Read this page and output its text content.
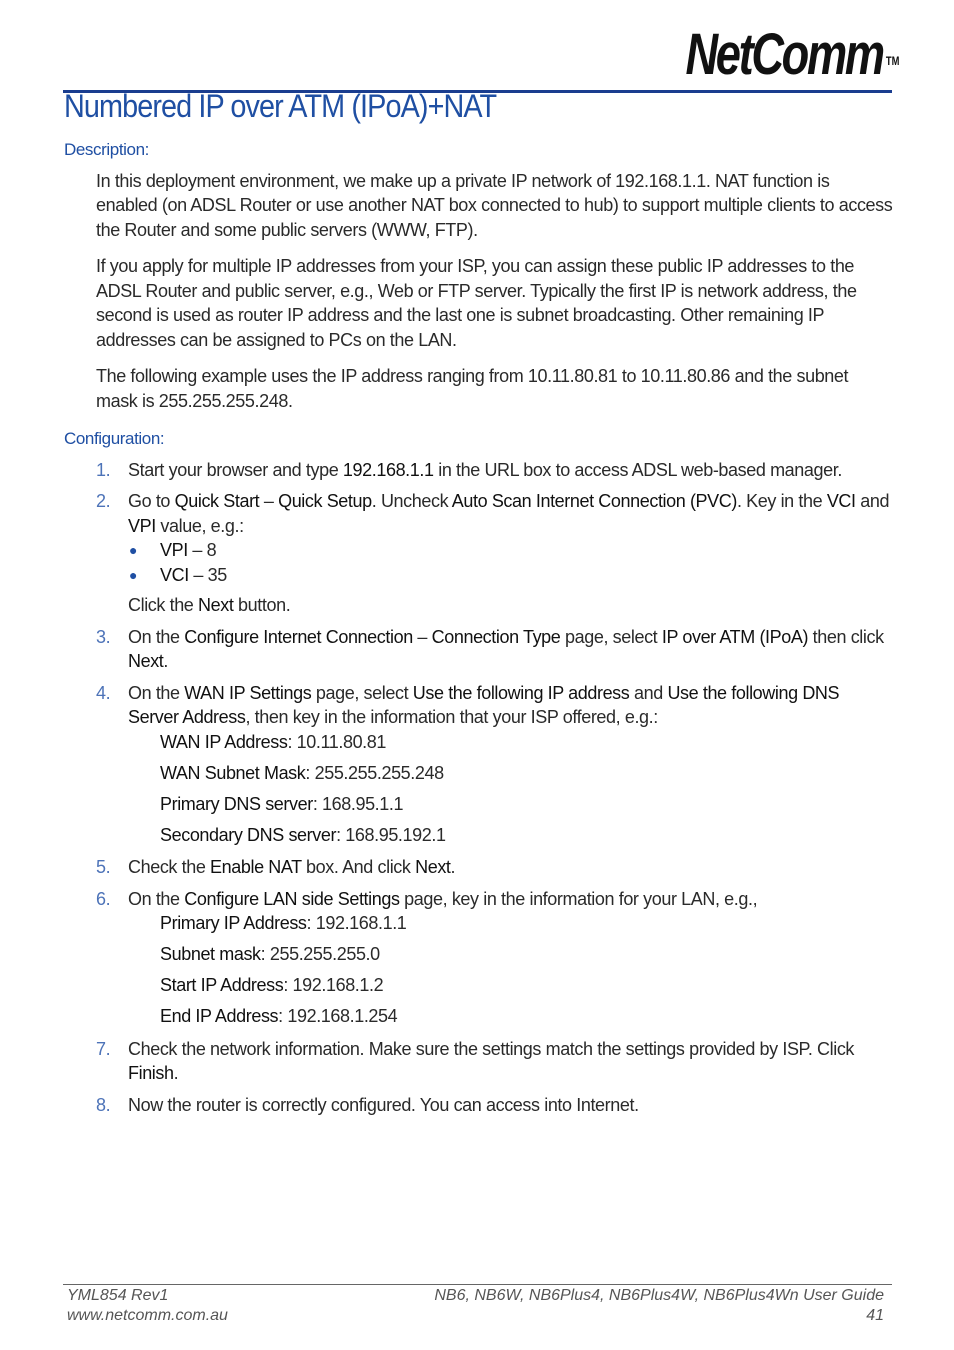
NetComm ™
Numbered IP over ATM (IPoA)+NAT
Description:

In this deployment environment, we make up a private IP network of 192.168.1.1. NAT function is enabled (on ADSL Router or use another NAT box connected to hub) to support multiple clients to access the Router and some public servers (WWW, FTP).

If you apply for multiple IP addresses from your ISP, you can assign these public IP addresses to the ADSL Router and public server, e.g., Web or FTP server. Typically the first IP is network address, the second is used as router IP address and the last one is subnet broadcasting. Other remaining IP addresses can be assigned to PCs on the LAN.

The following example uses the IP address ranging from 10.11.80.81 to 10.11.80.86 and the subnet mask is 255.255.255.248.

Configuration:
1. Start your browser and type 192.168.1.1 in the URL box to access ADSL web-based manager.
2. Go to Quick Start – Quick Setup. Uncheck Auto Scan Internet Connection (PVC). Key in the VCI and VPI value, e.g.:
● VPI – 8
● VCI – 35
Click the Next button.
3. On the Configure Internet Connection – Connection Type page, select IP over ATM (IPoA) then click Next.
4. On the WAN IP Settings page, select Use the following IP address and Use the following DNS Server Address, then key in the information that your ISP offered, e.g.:
WAN IP Address: 10.11.80.81
WAN Subnet Mask: 255.255.255.248
Primary DNS server: 168.95.1.1
Secondary DNS server: 168.95.192.1
5. Check the Enable NAT box. And click Next.
6. On the Configure LAN side Settings page, key in the information for your LAN, e.g.,
Primary IP Address: 192.168.1.1
Subnet mask: 255.255.255.0
Start IP Address: 192.168.1.2
End IP Address: 192.168.1.254
7. Check the network information. Make sure the settings match the settings provided by ISP. Click Finish.
8. Now the router is correctly configured. You can access into Internet.
YML854 Rev1
www.netcomm.com.au
NB6, NB6W, NB6Plus4, NB6Plus4W, NB6Plus4Wn User Guide
41
